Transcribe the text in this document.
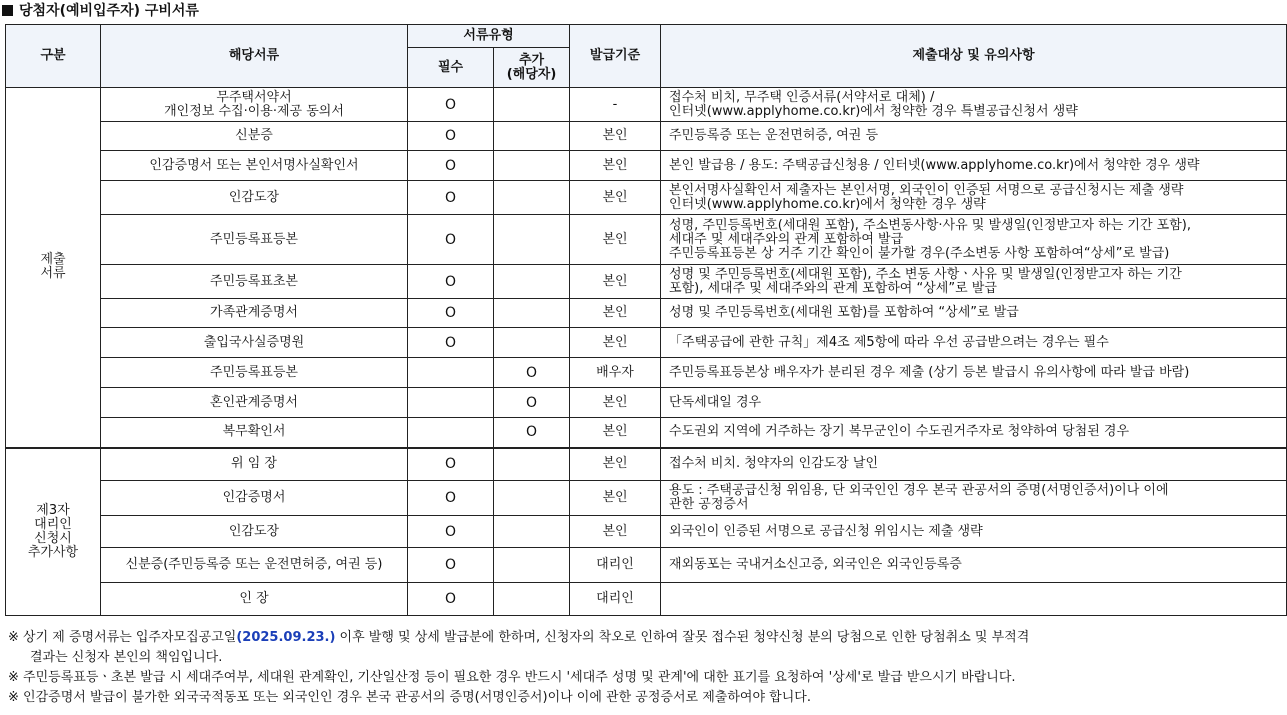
당첨자(예비입주자) 구비서류
구분	해당서류	서류유형		발급기준	제출대상 및 유의사항
		필수	추가
(해당자)		
제출
서류	무주택서약서
개인정보 수집·이용·제공 동의서	O		-	접수처 비치, 무주택 인증서류(서약서로 대체) /
인터넷(www.applyhome.co.kr)에서 청약한 경우 특별공급신청서 생략
	신분증	O		본인	주민등록증 또는 운전면허증, 여권 등
	인감증명서 또는 본인서명사실확인서	O		본인	본인 발급용 / 용도: 주택공급신청용 / 인터넷(www.applyhome.co.kr)에서 청약한 경우 생략
	인감도장	O		본인	본인서명사실확인서 제출자는 본인서명, 외국인이 인증된 서명으로 공급신청시는 제출 생략
인터넷(www.applyhome.co.kr)에서 청약한 경우 생략
	주민등록표등본	O		본인	성명, 주민등록번호(세대원 포함), 주소변동사항·사유 및 발생일(인정받고자 하는 기간 포함),
세대주 및 세대주와의 관계 포함하여 발급
주민등록표등본 상 거주 기간 확인이 불가할 경우(주소변동 사항 포함하여“상세”로 발급)
	주민등록표초본	O		본인	성명 및 주민등록번호(세대원 포함), 주소 변동 사항ㆍ사유 및 발생일(인정받고자 하는 기간
포함), 세대주 및 세대주와의 관계 포함하여 “상세”로 발급
	가족관계증명서	O		본인	성명 및 주민등록번호(세대원 포함)를 포함하여 “상세”로 발급
	출입국사실증명원	O		본인	「주택공급에 관한 규칙」제4조 제5항에 따라 우선 공급받으려는 경우는 필수
	주민등록표등본		O	배우자	주민등록표등본상 배우자가 분리된 경우 제출 (상기 등본 발급시 유의사항에 따라 발급 바람)
	혼인관계증명서		O	본인	단독세대일 경우
	복무확인서		O	본인	수도권외 지역에 거주하는 장기 복무군인이 수도권거주자로 청약하여 당첨된 경우
제3자
대리인
신청시
추가사항	위 임 장	O		본인	접수처 비치. 청약자의 인감도장 날인
	인감증명서	O		본인	용도 : 주택공급신청 위임용, 단 외국인인 경우 본국 관공서의 증명(서명인증서)이나 이에
관한 공정증서
	인감도장	O		본인	외국인이 인증된 서명으로 공급신청 위임시는 제출 생략
	신분증(주민등록증 또는 운전면허증, 여권 등)	O		대리인	재외동포는 국내거소신고증, 외국인은 외국인등록증
	인 장	O		대리인	

※ 상기 제 증명서류는 입주자모집공고일(2025.09.23.) 이후 발행 및 상세 발급분에 한하며, 신청자의 착오로 인하여 잘못 접수된 청약신청 분의 당첨으로 인한 당첨취소 및 부적격

결과는 신청자 본인의 책임입니다.

※ 주민등록표등ㆍ초본 발급 시 세대주여부, 세대원 관계확인, 기산일산정 등이 필요한 경우 반드시 '세대주 성명 및 관계'에 대한 표기를 요청하여 '상세'로 발급 받으시기 바랍니다.

※ 인감증명서 발급이 불가한 외국국적동포 또는 외국인인 경우 본국 관공서의 증명(서명인증서)이나 이에 관한 공정증서로 제출하여야 합니다.
